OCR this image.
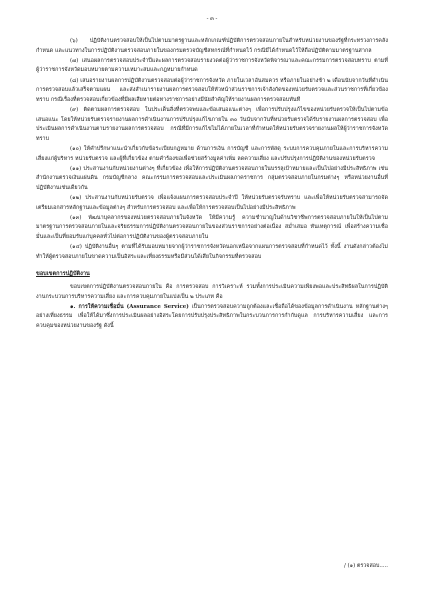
- ๓ -

(๖) ปฏิบัติงานตรวจสอบให้เป็นไปตามมาตรฐานและหลักเกณฑ์ปฏิบัติการตรวจสอบภายในสำหรับหน่วยงานของรัฐที่กระทรวงการคลังกำหนด และแนวทางในการปฏิบัติงานตรวจสอบภายในของกรมตรวจบัญชีสหกรณ์ที่กำหนดไว้ กรณีมีได้กำหนดไว้ให้ถือปฏิบัติตามมาตรฐานสากล

(๗) เสนอผลการตรวจสอบประจำปีและผลการตรวจสอบรายงวดต่อผู้ว่าราชการจังหวัดพิจารณาและคณะกรรมการตรวจสอบทราบ ตามที่ผู้ว่าราชการจังหวัดมอบหมายตามความเหมาะสมและกฎหมายกำหนด

(๘) เสนอรายงานผลการปฏิบัติงานตรวจสอบต่อผู้ว่าราชการจังหวัด ภายในเวลาอันสมควร หรือภายในอย่างช้า ๒ เดือนนับจากวันที่ดำเนินการตรวจสอบแล้วเสร็จตามแผน และส่งสำเนารายงานผลการตรวจสอบให้หัวหน้าส่วนราชการเจ้าสังกัดของหน่วยรับตรวจและส่วนราชการที่เกี่ยวข้องทราบ กรณีเรื่องที่ตรวจสอบเกี่ยวข้องที่มีผลเสียหายต่อทางราชการอย่างมีนัยสำคัญให้รายงานผลการตรวจสอบทันที

(๙) ติดตามผลการตรวจสอบ ในประเด็นสิ่งที่ตรวจพบและข้อเสนอแนะต่างๆ เพื่อการปรับปรุงแก้ไขของหน่วยรับตรวจให้เป็นไปตามข้อเสนอแนะ โดยให้หน่วยรับตรวจรายงานผลการดำเนินงานการปรับปรุงแก้ไขภายใน ๓๐ วันนับจากวันที่หน่วยรับตรวจได้รับรายงานผลการตรวจสอบ เพื่อประเมินผลการดำเนินงานตามรายงานผลการตรวจสอบ กรณีที่มีการแก้ไขไม่ได้ภายในเวลาที่กำหนดให้หน่วยรับตรวจรายงานผลให้ผู้ว่าราชการจังหวัดทราบ

(๑๐) ให้คำปรึกษาแนะนำเกี่ยวกับข้อระเบียบกฎหมาย ด้านการเงิน การบัญชี และการพัสดุ ระบบการควบคุมภายในและการบริหารความเสี่ยงแก่ผู้บริหาร หน่วยรับตรวจ และผู้ที่เกี่ยวข้อง ตามคำร้องขอเพื่อช่วยสร้างมูลค่าเพิ่ม ลดความเสี่ยง และปรับปรุงการปฏิบัติงานของหน่วยรับตรวจ

(๑๑) ประสานงานกับหน่วยงานต่างๆ ที่เกี่ยวข้อง เพื่อให้การปฏิบัติงานตรวจสอบภายในบรรลุเป้าหมายและเป็นไปอย่างมีประสิทธิภาพ เช่น สำนักงานตรวจเงินแผ่นดิน กรมบัญชีกลาง คณะกรรมการตรวจสอบและประเมินผลภาคราชการ กลุ่มตรวจสอบภายในกรมต่างๆ หรือหน่วยงานอื่นที่ปฏิบัติงานเช่นเดียวกัน

(๑๒) ประสานงานกับหน่วยรับตรวจ เพื่อแจ้งแผนการตรวจสอบประจำปี ให้หน่วยรับตรวจรับทราบ และเพื่อให้หน่วยรับตรวจสามารถจัดเตรียมเอกสารหลักฐานและข้อมูลต่างๆ สำหรับการตรวจสอบ และเพื่อให้การตรวจสอบเป็นไปอย่างมีประสิทธิภาพ

(๑๓) พัฒนาบุคลากรของหน่วยตรวจสอบภายในจังหวัด ให้มีความรู้ ความชำนาญในด้านวิชาชีพการตรวจสอบภายในให้เป็นไปตามมาตรฐานการตรวจสอบภายในและจริยธรรมการปฏิบัติงานตรวจสอบภายในของส่วนราชการอย่างต่อเนื่อง สม่ำเสมอ ทันเหตุการณ์ เพื่อสร้างความเชื่อมั่นและเป็นที่ยอมรับแก่บุคคลทั่วไปต่อการปฏิบัติงานของผู้ตรวจสอบภายใน

(๑๔) ปฏิบัติงานอื่นๆ ตามที่ได้รับมอบหมายจากผู้ว่าราชการจังหวัดนอกเหนือจากแผนการตรวจสอบที่กำหนดไว้ ทั้งนี้ งานดังกล่าวต้องไม่ทำให้ผู้ตรวจสอบภายในขาดความเป็นอิสระและเที่ยงธรรมหรือมีส่วนได้เสียในกิจกรรมที่ตรวจสอบ

ขอบเขตการปฏิบัติงาน

ขอบเขตการปฏิบัติงานตรวจสอบภายใน คือ การตรวจสอบ การวิเคราะห์ รวมทั้งการประเมินความเพียงพอและประสิทธิผลในการปฏิบัติงานกระบวนการบริหารความเสี่ยง และการควบคุมภายในแบ่งเป็น ๒ ประเภท คือ

๑. การให้ความเชื่อมั่น (Assurance Service) เป็นการตรวจสอบความถูกต้องและเชื่อถือได้ของข้อมูลการดำเนินงาน หลักฐานต่างๆ อย่างเที่ยงธรรม เพื่อให้ได้มาซึ่งการประเมินผลอย่างอิสระโดยการปรับปรุงประสิทธิภาพในกระบวนการการกำกับดูแล การบริหารความเสี่ยง และการควบคุมของหน่วยงานของรัฐ ดังนี้

/ (๑) ตรวจสอบ.....
